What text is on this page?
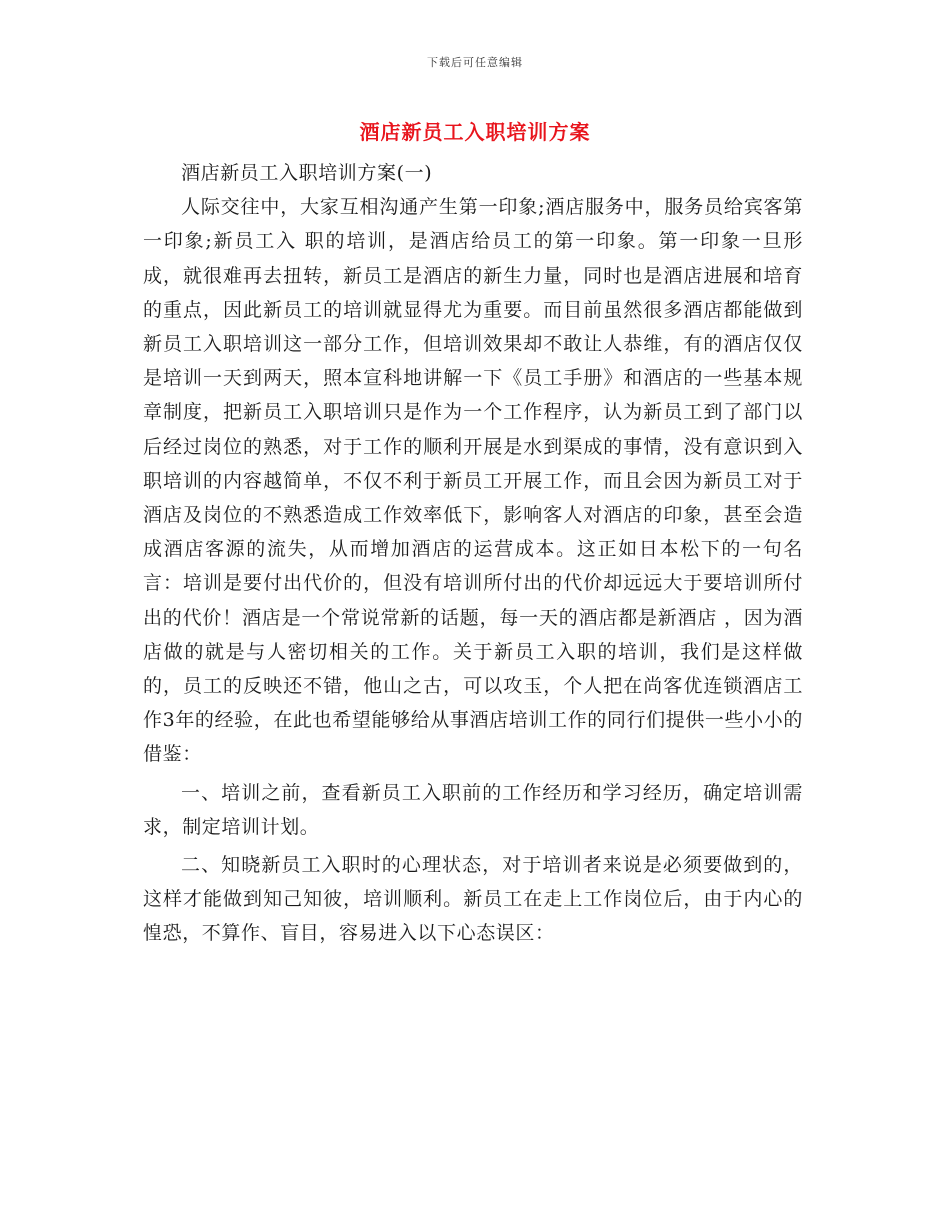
下载后可任意编辑
酒店新员工入职培训方案

酒店新员工入职培训方案(一)

人际交往中，大家互相沟通产生第一印象;酒店服务中，服务员给宾客第一印象;新员工入 职的培训，是酒店给员工的第一印象。第一印象一旦形成，就很难再去扭转，新员工是酒店的新生力量，同时也是酒店进展和培育的重点，因此新员工的培训就显得尤为重要。而目前虽然很多酒店都能做到新员工入职培训这一部分工作，但培训效果却不敢让人恭维，有的酒店仅仅是培训一天到两天，照本宣科地讲解一下《员工手册》和酒店的一些基本规章制度，把新员工入职培训只是作为一个工作程序，认为新员工到了部门以后经过岗位的熟悉，对于工作的顺利开展是水到渠成的事情，没有意识到入职培训的内容越简单，不仅不利于新员工开展工作，而且会因为新员工对于酒店及岗位的不熟悉造成工作效率低下，影响客人对酒店的印象，甚至会造成酒店客源的流失，从而增加酒店的运营成本。这正如日本松下的一句名言：培训是要付出代价的，但没有培训所付出的代价却远远大于要培训所付出的代价！酒店是一个常说常新的话题，每一天的酒店都是新酒店 ，因为酒店做的就是与人密切相关的工作。关于新员工入职的培训，我们是这样做的，员工的反映还不错，他山之古，可以攻玉，个人把在尚客优连锁酒店工作3年的经验，在此也希望能够给从事酒店培训工作的同行们提供一些小小的借鉴：

一、培训之前，查看新员工入职前的工作经历和学习经历，确定培训需求，制定培训计划。

二、知晓新员工入职时的心理状态，对于培训者来说是必须要做到的，这样才能做到知己知彼，培训顺利。新员工在走上工作岗位后，由于内心的惶恐，不算作、盲目，容易进入以下心态误区：
